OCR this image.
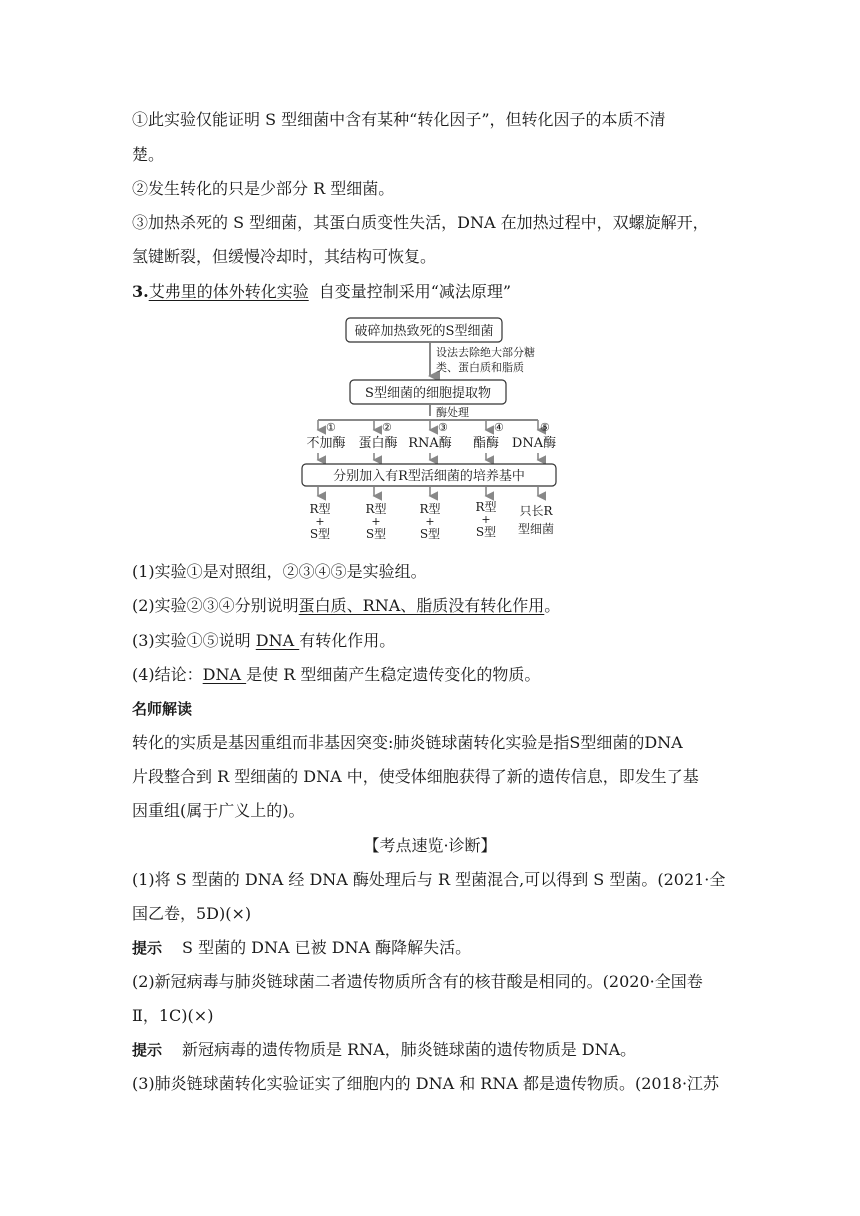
①此实验仅能证明 S 型细菌中含有某种“转化因子”，但转化因子的本质不清
楚。
②发生转化的只是少部分 R 型细菌。
③加热杀死的 S 型细菌，其蛋白质变性失活，DNA 在加热过程中，双螺旋解开，
氢键断裂，但缓慢冷却时，其结构可恢复。
3.艾弗里的体外转化实验 自变量控制采用“减法原理”
破碎加热致死的S型细菌
设法去除绝大部分糖
类、蛋白质和脂质
S型细菌的细胞提取物
酶处理
①	②	③	④	⑤
不加酶 蛋白酶 RNA酶 酯酶 DNA酶
分别加入有R型活细菌的培养基中
R型
+
S型
R型
+
S型
R型
+
S型
R型
+
S型
只长R
型细菌
(1)实验①是对照组，②③④⑤是实验组。
(2)实验②③④分别说明蛋白质、RNA、脂质没有转化作用。
(3)实验①⑤说明 DNA 有转化作用。
(4)结论：DNA 是使 R 型细菌产生稳定遗传变化的物质。
名师解读
转化的实质是基因重组而非基因突变:肺炎链球菌转化实验是指S型细菌的DNA
片段整合到 R 型细菌的 DNA 中，使受体细胞获得了新的遗传信息，即发生了基
因重组(属于广义上的)。
【考点速览·诊断】
(1)将 S 型菌的 DNA 经 DNA 酶处理后与 R 型菌混合,可以得到 S 型菌。(2021·全
国乙卷，5D)(×)
提示 S 型菌的 DNA 已被 DNA 酶降解失活。
(2)新冠病毒与肺炎链球菌二者遗传物质所含有的核苷酸是相同的。(2020·全国卷
Ⅱ，1C)(×)
提示 新冠病毒的遗传物质是 RNA，肺炎链球菌的遗传物质是 DNA。
(3)肺炎链球菌转化实验证实了细胞内的 DNA 和 RNA 都是遗传物质。(2018·江苏
